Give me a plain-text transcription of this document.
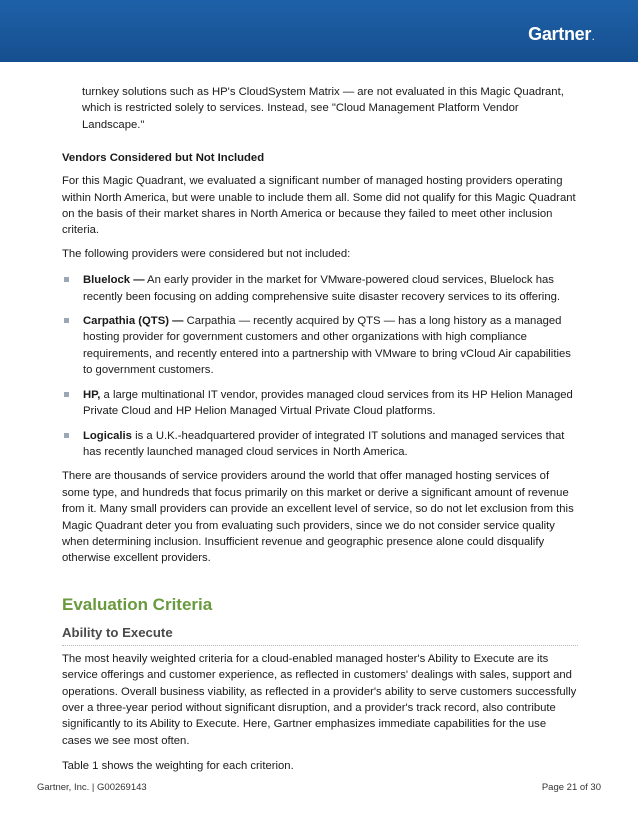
Gartner.

turnkey solutions such as HP's CloudSystem Matrix — are not evaluated in this Magic Quadrant, which is restricted solely to services. Instead, see "Cloud Management Platform Vendor Landscape."

Vendors Considered but Not Included

For this Magic Quadrant, we evaluated a significant number of managed hosting providers operating within North America, but were unable to include them all. Some did not qualify for this Magic Quadrant on the basis of their market shares in North America or because they failed to meet other inclusion criteria.

The following providers were considered but not included:

Bluelock — An early provider in the market for VMware-powered cloud services, Bluelock has recently been focusing on adding comprehensive suite disaster recovery services to its offering.
Carpathia (QTS) — Carpathia — recently acquired by QTS — has a long history as a managed hosting provider for government customers and other organizations with high compliance requirements, and recently entered into a partnership with VMware to bring vCloud Air capabilities to government customers.
HP, a large multinational IT vendor, provides managed cloud services from its HP Helion Managed Private Cloud and HP Helion Managed Virtual Private Cloud platforms.
Logicalis is a U.K.-headquartered provider of integrated IT solutions and managed services that has recently launched managed cloud services in North America.

There are thousands of service providers around the world that offer managed hosting services of some type, and hundreds that focus primarily on this market or derive a significant amount of revenue from it. Many small providers can provide an excellent level of service, so do not let exclusion from this Magic Quadrant deter you from evaluating such providers, since we do not consider service quality when determining inclusion. Insufficient revenue and geographic presence alone could disqualify otherwise excellent providers.

Evaluation Criteria
Ability to Execute

The most heavily weighted criteria for a cloud-enabled managed hoster's Ability to Execute are its service offerings and customer experience, as reflected in customers' dealings with sales, support and operations. Overall business viability, as reflected in a provider's ability to serve customers successfully over a three-year period without significant disruption, and a provider's track record, also contribute significantly to its Ability to Execute. Here, Gartner emphasizes immediate capabilities for the use cases we see most often.

Table 1 shows the weighting for each criterion.

Gartner, Inc. | G00269143	Page 21 of 30
